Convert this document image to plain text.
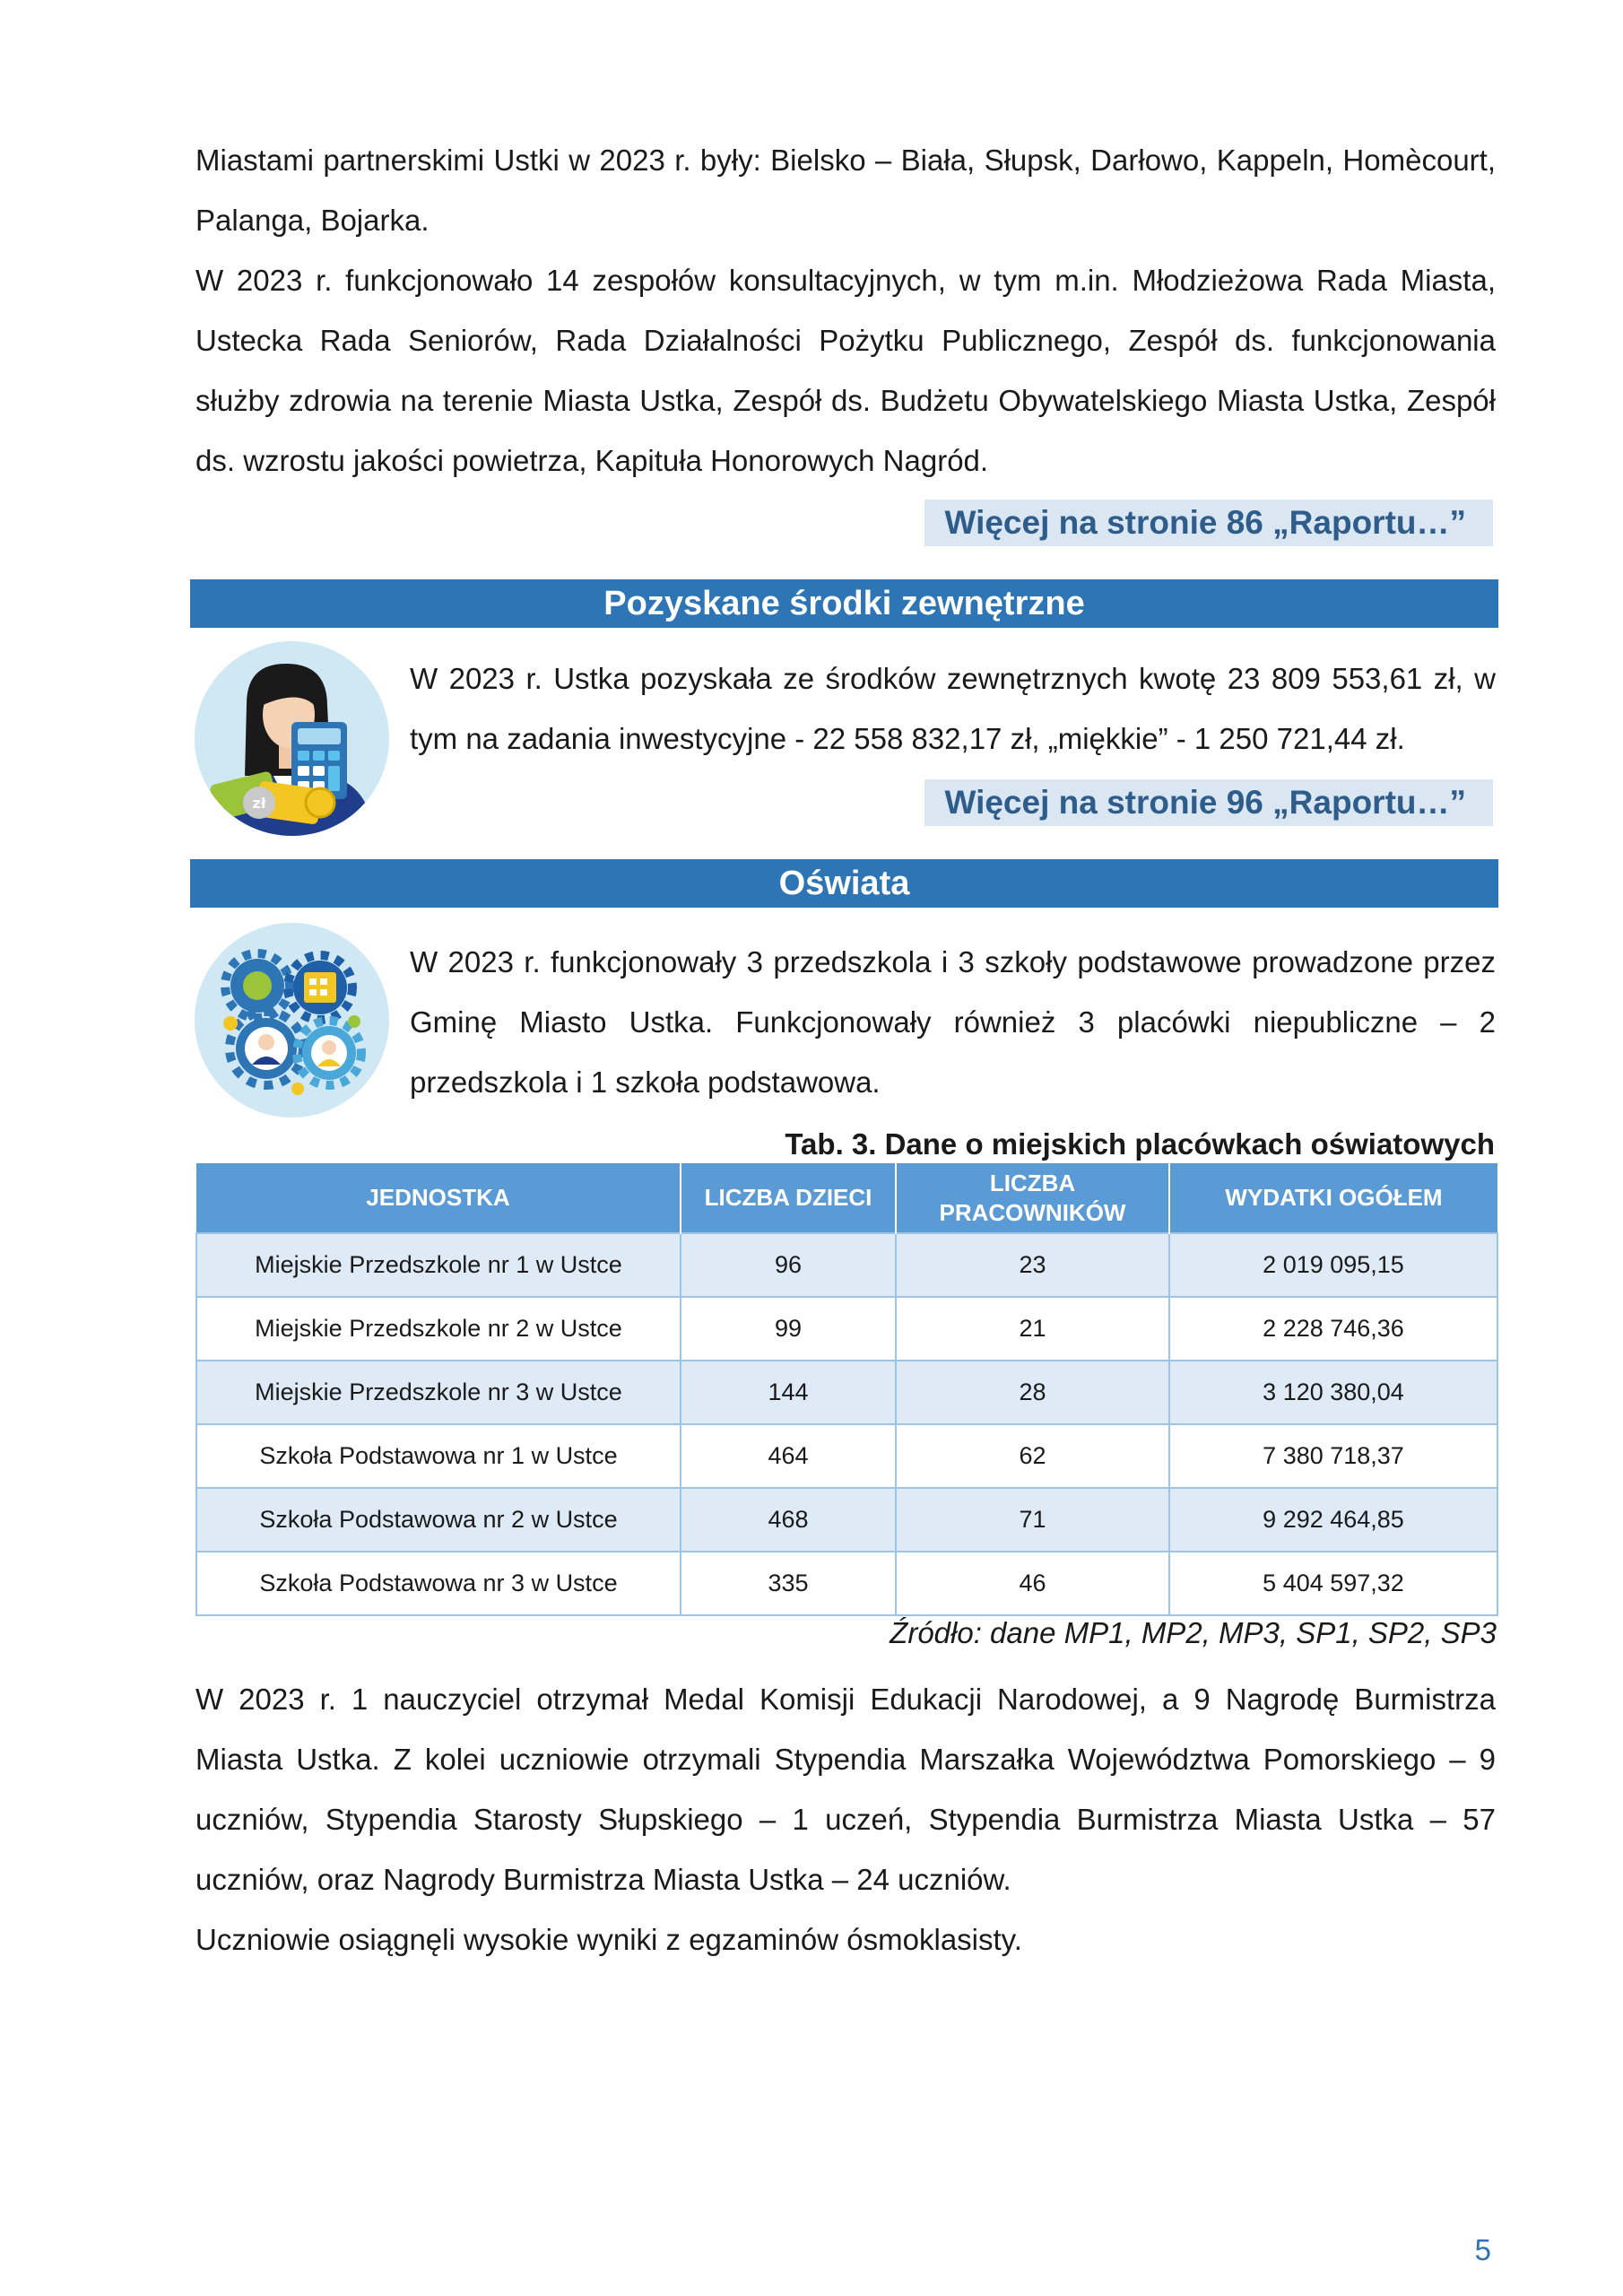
Miastami partnerskimi Ustki w 2023 r. były: Bielsko – Biała, Słupsk, Darłowo, Kappeln, Homècourt, Palanga, Bojarka.

W 2023 r. funkcjonowało 14 zespołów konsultacyjnych, w tym m.in. Młodzieżowa Rada Miasta, Ustecka Rada Seniorów, Rada Działalności Pożytku Publicznego, Zespół ds. funkcjonowania służby zdrowia na terenie Miasta Ustka, Zespół ds. Budżetu Obywatelskiego Miasta Ustka, Zespół ds. wzrostu jakości powietrza, Kapituła Honorowych Nagród.

Więcej na stronie 86 „Raportu…”
Pozyskane środki zewnętrzne
zł

W 2023 r. Ustka pozyskała ze środków zewnętrznych kwotę 23 809 553,61 zł, w tym na zadania inwestycyjne - 22 558 832,17 zł, „miękkie” - 1 250 721,44 zł.

Więcej na stronie 96 „Raportu…”
Oświata

W 2023 r. funkcjonowały 3 przedszkola i 3 szkoły podstawowe prowadzone przez Gminę Miasto Ustka. Funkcjonowały również 3 placówki niepubliczne – 2 przedszkola i 1 szkoła podstawowa.

Tab. 3. Dane o miejskich placówkach oświatowych
JEDNOSTKA	LICZBA DZIECI	LICZBA PRACOWNIKÓW	WYDATKI OGÓŁEM
Miejskie Przedszkole nr 1 w Ustce	96	23	2 019 095,15
Miejskie Przedszkole nr 2 w Ustce	99	21	2 228 746,36
Miejskie Przedszkole nr 3 w Ustce	144	28	3 120 380,04
Szkoła Podstawowa nr 1 w Ustce	464	62	7 380 718,37
Szkoła Podstawowa nr 2 w Ustce	468	71	9 292 464,85
Szkoła Podstawowa nr 3 w Ustce	335	46	5 404 597,32
Źródło: dane MP1, MP2, MP3, SP1, SP2, SP3

W 2023 r. 1 nauczyciel otrzymał Medal Komisji Edukacji Narodowej, a 9 Nagrodę Burmistrza Miasta Ustka. Z kolei uczniowie otrzymali Stypendia Marszałka Województwa Pomorskiego – 9 uczniów, Stypendia Starosty Słupskiego – 1 uczeń, Stypendia Burmistrza Miasta Ustka – 57 uczniów, oraz Nagrody Burmistrza Miasta Ustka – 24 uczniów.

Uczniowie osiągnęli wysokie wyniki z egzaminów ósmoklasisty.

5
